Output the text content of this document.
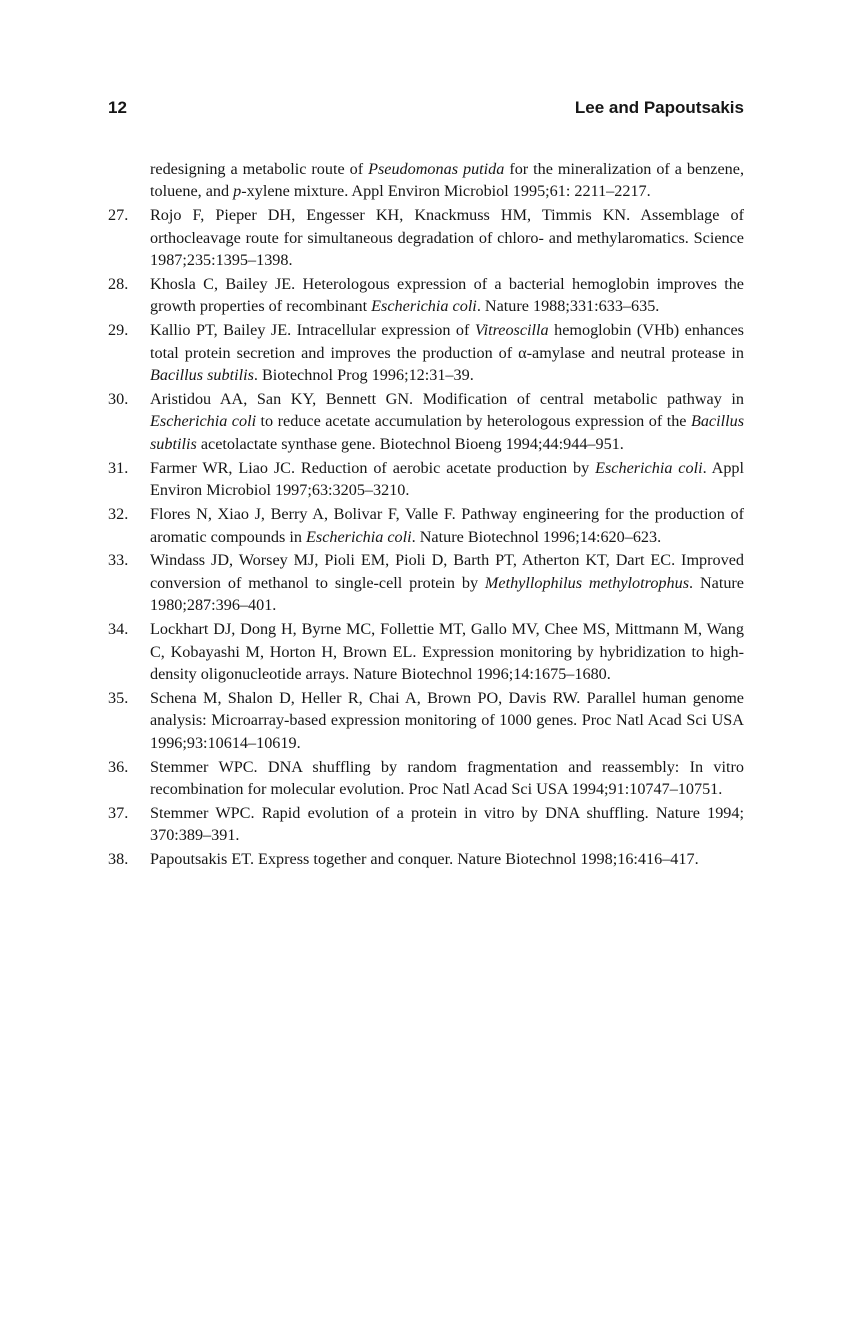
12	Lee and Papoutsakis
redesigning a metabolic route of Pseudomonas putida for the mineralization of a benzene, toluene, and p-xylene mixture. Appl Environ Microbiol 1995;61: 2211–2217.
27.	Rojo F, Pieper DH, Engesser KH, Knackmuss HM, Timmis KN. Assemblage of orthocleavage route for simultaneous degradation of chloro- and methylaromatics. Science 1987;235:1395–1398.
28.	Khosla C, Bailey JE. Heterologous expression of a bacterial hemoglobin improves the growth properties of recombinant Escherichia coli. Nature 1988;331:633–635.
29.	Kallio PT, Bailey JE. Intracellular expression of Vitreoscilla hemoglobin (VHb) enhances total protein secretion and improves the production of α-amylase and neutral protease in Bacillus subtilis. Biotechnol Prog 1996;12:31–39.
30.	Aristidou AA, San KY, Bennett GN. Modification of central metabolic pathway in Escherichia coli to reduce acetate accumulation by heterologous expression of the Bacillus subtilis acetolactate synthase gene. Biotechnol Bioeng 1994;44:944–951.
31.	Farmer WR, Liao JC. Reduction of aerobic acetate production by Escherichia coli. Appl Environ Microbiol 1997;63:3205–3210.
32.	Flores N, Xiao J, Berry A, Bolivar F, Valle F. Pathway engineering for the production of aromatic compounds in Escherichia coli. Nature Biotechnol 1996;14:620–623.
33.	Windass JD, Worsey MJ, Pioli EM, Pioli D, Barth PT, Atherton KT, Dart EC. Improved conversion of methanol to single-cell protein by Methyllophilus methylotrophus. Nature 1980;287:396–401.
34.	Lockhart DJ, Dong H, Byrne MC, Follettie MT, Gallo MV, Chee MS, Mittmann M, Wang C, Kobayashi M, Horton H, Brown EL. Expression monitoring by hybridization to high-density oligonucleotide arrays. Nature Biotechnol 1996;14:1675–1680.
35.	Schena M, Shalon D, Heller R, Chai A, Brown PO, Davis RW. Parallel human genome analysis: Microarray-based expression monitoring of 1000 genes. Proc Natl Acad Sci USA 1996;93:10614–10619.
36.	Stemmer WPC. DNA shuffling by random fragmentation and reassembly: In vitro recombination for molecular evolution. Proc Natl Acad Sci USA 1994;91:10747–10751.
37.	Stemmer WPC. Rapid evolution of a protein in vitro by DNA shuffling. Nature 1994; 370:389–391.
38.	Papoutsakis ET. Express together and conquer. Nature Biotechnol 1998;16:416–417.
